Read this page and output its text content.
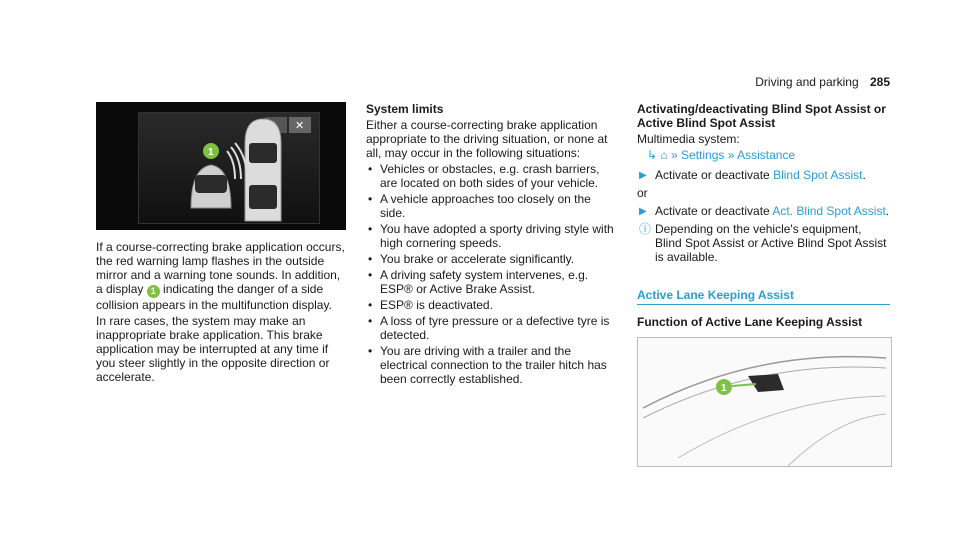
Driving and parking 285
✕
1

If a course-correcting brake application occurs, the red warning lamp flashes in the outside mirror and a warning tone sounds. In addition, a display 1 indicating the danger of a side collision appears in the multifunction display.

In rare cases, the system may make an inappropriate brake application. This brake application may be interrupted at any time if you steer slightly in the opposite direction or accelerate.

System limits

Either a course-correcting brake application appropriate to the driving situation, or none at all, may occur in the following situations:

• Vehicles or obstacles, e.g. crash barriers, are located on both sides of your vehicle.
• A vehicle approaches too closely on the side.
• You have adopted a sporty driving style with high cornering speeds.
• You brake or accelerate significantly.
• A driving safety system intervenes, e.g. ESP® or Active Brake Assist.
• ESP® is deactivated.
• A loss of tyre pressure or a defective tyre is detected.
• You are driving with a trailer and the electrical connection to the trailer hitch has been correctly established.
Activating/deactivating Blind Spot Assist or Active Blind Spot Assist

Multimedia system:

↳ ⌂ » Settings » Assistance
▶ Activate or deactivate Blind Spot Assist.

or

▶ Activate or deactivate Act. Blind Spot Assist.
ⓘ Depending on the vehicle's equipment, Blind Spot Assist or Active Blind Spot Assist is available.
Active Lane Keeping Assist
Function of Active Lane Keeping Assist
1
